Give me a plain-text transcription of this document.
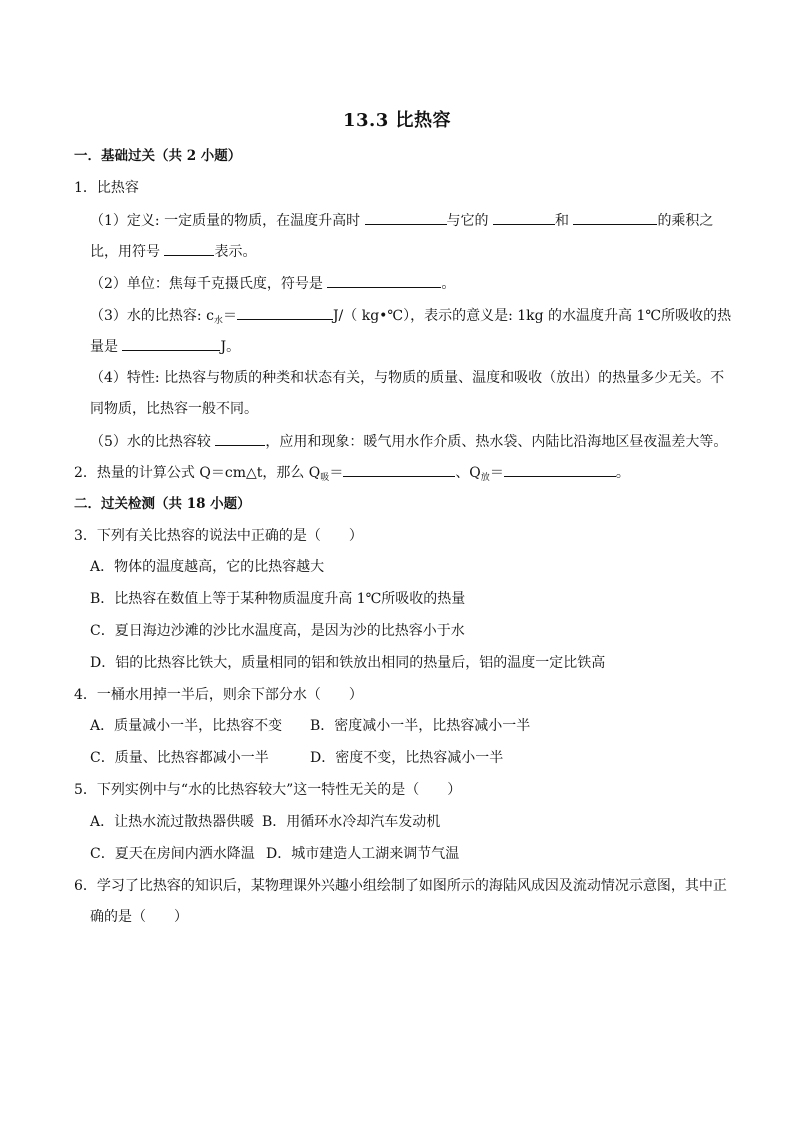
13.3 比热容
一．基础过关（共 2 小题）
1．比热容
（1）定义: 一定质量的物质，在温度升高时	与它的	和	的乘积之
比，用符号	表示。
（2）单位：焦每千克摄氏度，符号是	。
（3）水的比热容: $c_水=$	J/（ kg•℃），表示的意义是: 1kg 的水温度升高 1℃所吸收的热
量是	J。
（4）特性: 比热容与物质的种类和状态有关，与物质的质量、温度和吸收（放出）的热量多少无关。不
同物质，比热容一般不同。
（5）水的比热容较	，应用和现象：暖气用水作介质、热水袋、内陆比沿海地区昼夜温差大等。
2．热量的计算公式 Q＝cm△t，那么 $Q_吸=$	、$Q_放=$	。
二．过关检测（共 18 小题）
3．下列有关比热容的说法中正确的是（　　）
A．物体的温度越高，它的比热容越大
B．比热容在数值上等于某种物质温度升高 1℃所吸收的热量
C．夏日海边沙滩的沙比水温度高，是因为沙的比热容小于水
D．铝的比热容比铁大，质量相同的铝和铁放出相同的热量后，铝的温度一定比铁高
4．一桶水用掉一半后，则余下部分水（　　）
A．质量减小一半，比热容不变 B．密度减小一半，比热容减小一半
C．质量、比热容都减小一半	D．密度不变，比热容减小一半
5．下列实例中与“水的比热容较大”这一特性无关的是（　　）
A．让热水流过散热器供暖 B．用循环水冷却汽车发动机
C．夏天在房间内洒水降温 D．城市建造人工湖来调节气温
6．学习了比热容的知识后，某物理课外兴趣小组绘制了如图所示的海陆风成因及流动情况示意图，其中正
确的是（　　）
